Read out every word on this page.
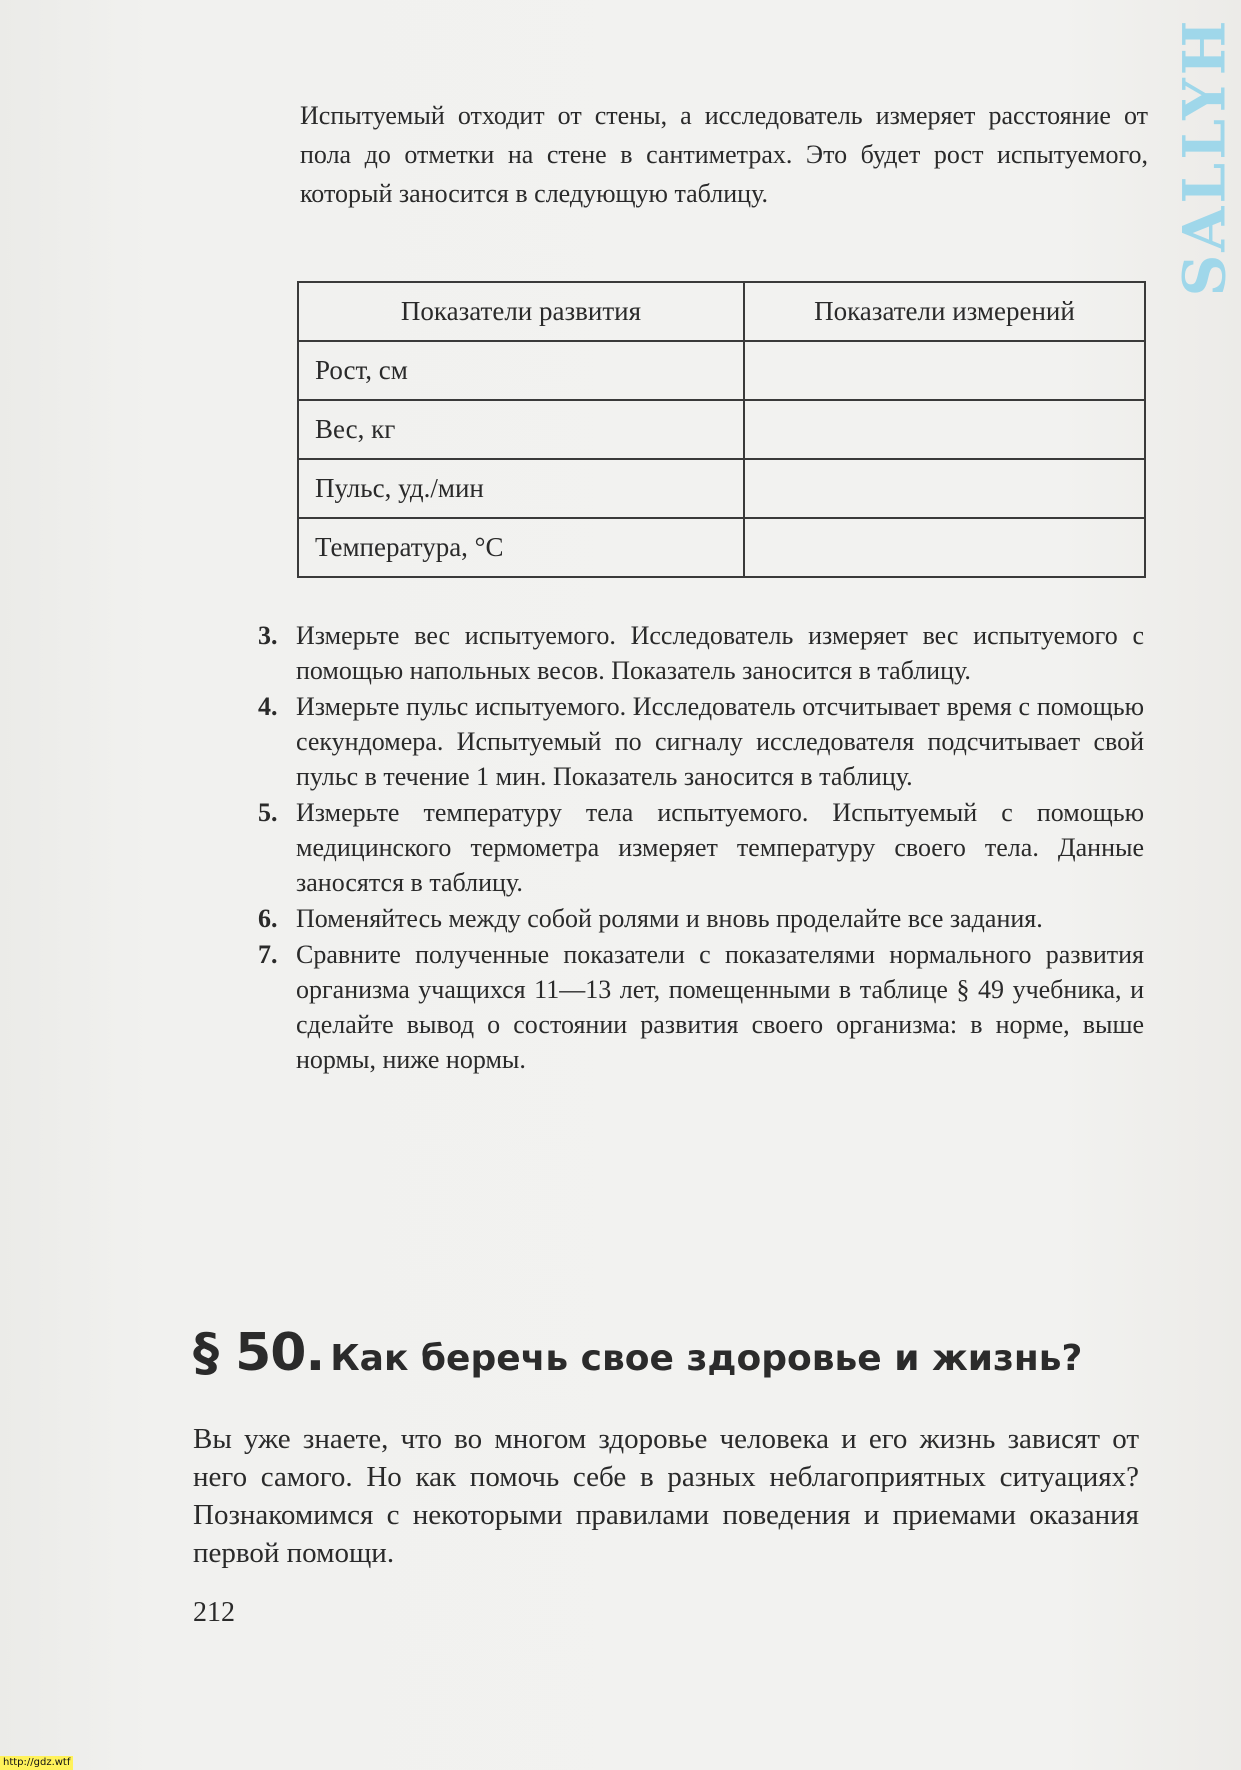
SALLYH

Испытуемый отходит от стены, а исследователь измеряет расстояние от пола до отметки на стене в сантиметрах. Это будет рост испытуемого, который заносится в следующую таблицу.

Показатели развития	Показатели измерений
Рост, см	
Вес, кг	
Пульс, уд./мин	
Температура, °С	
3. Измерьте вес испытуемого. Исследователь измеряет вес испытуемого с помощью напольных весов. Показатель заносится в таблицу.
4. Измерьте пульс испытуемого. Исследователь отсчитывает время с помощью секундомера. Испытуемый по сигналу исследователя подсчитывает свой пульс в течение 1 мин. Показатель заносится в таблицу.
5. Измерьте температуру тела испытуемого. Испытуемый с помощью медицинского термометра измеряет температуру своего тела. Данные заносятся в таблицу.
6. Поменяйтесь между собой ролями и вновь проделайте все задания.
7. Сравните полученные показатели с показателями нормального развития организма учащихся 11—13 лет, помещенными в таблице § 49 учебника, и сделайте вывод о состоянии развития своего организма: в норме, выше нормы, ниже нормы.
§ 50. Как беречь свое здоровье и жизнь?

Вы уже знаете, что во многом здоровье человека и его жизнь зависят от него самого. Но как помочь себе в разных неблагоприятных ситуациях? Познакомимся с некоторыми правилами поведения и приемами оказания первой помощи.

212

http://gdz.wtf
